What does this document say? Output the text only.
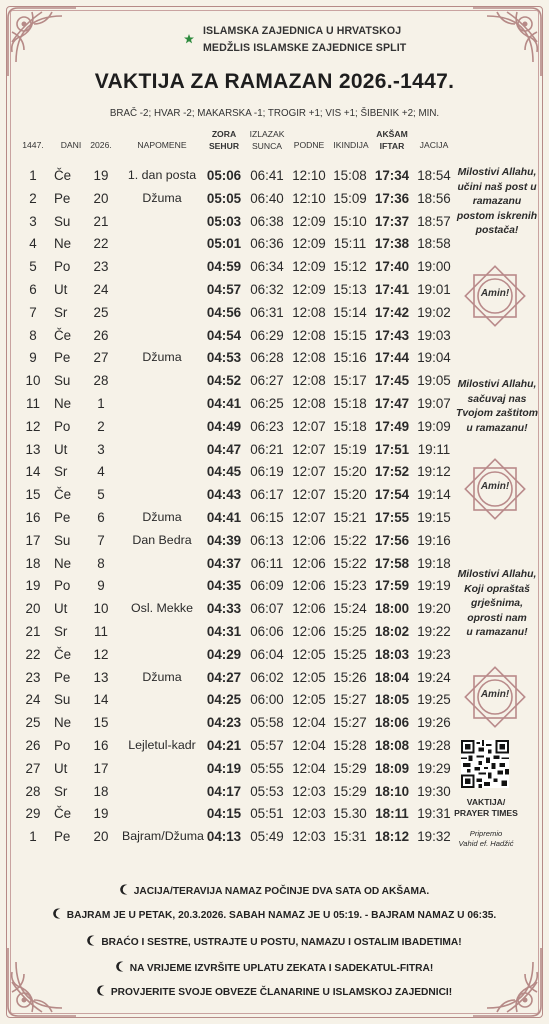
ISLAMSKA ZAJEDNICA U HRVATSKOJ
MEDŽLIS ISLAMSKE ZAJEDNICE SPLIT
VAKTIJA ZA RAMAZAN 2026.-1447.
BRAČ -2; HVAR -2; MAKARSKA -1; TROGIR +1; VIS +1; ŠIBENIK +2; MIN.
1447.	DANI	2026.	NAPOMENE
ZORA
SEHUR
IZLAZAK
SUNCA	PODNE	IKINDIJA
AKŠAM
IFTAR	JACIJA
1	Če	19	1. dan posta 05:06 06:41 12:10 15:08 17:34 18:54
2	Pe	20	Džuma	05:05 06:40 12:10 15:09 17:36 18:56
3	Su	21	05:03 06:38 12:09 15:10 17:37 18:57
4	Ne	22	05:01 06:36 12:09 15:11 17:38 18:58
5	Po	23	04:59 06:34 12:09 15:12 17:40 19:00
6	Ut	24	04:57 06:32 12:09 15:13 17:41 19:01
7	Sr	25	04:56 06:31 12:08 15:14 17:42 19:02
8	Če	26	04:54 06:29 12:08 15:15 17:43 19:03
9	Pe	27	Džuma	04:53 06:28 12:08 15:16 17:44 19:04
10 Su	28	04:52 06:27 12:08 15:17 17:45 19:05
11	Ne	1	04:41 06:25 12:08 15:18 17:47 19:07
12 Po	2	04:49 06:23 12:07 15:18 17:49 19:09
13 Ut	3	04:47 06:21 12:07 15:19 17:51 19:11
14 Sr	4	04:45 06:19 12:07 15:20 17:52 19:12
15 Če	5	04:43 06:17 12:07 15:20 17:54 19:14
16 Pe	6	Džuma	04:41 06:15 12:07 15:21 17:55 19:15
17 Su	7	Dan Bedra	04:39 06:13 12:06 15:22 17:56 19:16
18 Ne	8	04:37 06:11 12:06 15:22 17:58 19:18
19 Po	9	04:35 06:09 12:06 15:23 17:59 19:19
20 Ut	10	Osl. Mekke	04:33 06:07 12:06 15:24 18:00 19:20
21 Sr	11	04:31 06:06 12:06 15:25 18:02 19:22
22 Če	12	04:29 06:04 12:05 15:25 18:03 19:23
23 Pe	13	Džuma	04:27 06:02 12:05 15:26 18:04 19:24
24 Su	14	04:25 06:00 12:05 15:27 18:05 19:25
25 Ne	15	04:23 05:58 12:04 15:27 18:06 19:26
26 Po	16	Lejletul-kadr 04:21 05:57 12:04 15:28 18:08 19:28
27 Ut	17	04:19 05:55 12:04 15:29 18:09 19:29
28 Sr	18	04:17 05:53 12:03 15:29 18:10 19:30
29 Če	19	04:15 05:51 12:03 15.30 18:11 19:31
1	Pe	20	Bajram/Džuma 04:13 05:49 12:03 15:31 18:12 19:32
Milostivi Allahu,
učini naš post u
ramazanu
postom iskrenih
postača!
Amin!
Milostivi Allahu,
sačuvaj nas
Tvojom zaštitom
u ramazanu!
Amin!
Milostivi Allahu,
Koji opraštaš
grješnima,
oprosti nam
u ramazanu!
Amin!
VAKTIJA/
PRAYER TIMES
Pripremio
Vahid ef. Hadžić
JACIJA/TERAVIJA NAMAZ POČINJE DVA SATA OD AKŠAMA.
BAJRAM JE U PETAK, 20.3.2026. SABAH NAMAZ JE U 05:19. - BAJRAM NAMAZ U 06:35.
BRAĆO I SESTRE, USTRAJTE U POSTU, NAMAZU I OSTALIM IBADETIMA!
NA VRIJEME IZVRŠITE UPLATU ZEKATA I SADEKATUL-FITRA!
PROVJERITE SVOJE OBVEZE ČLANARINE U ISLAMSKOJ ZAJEDNICI!
